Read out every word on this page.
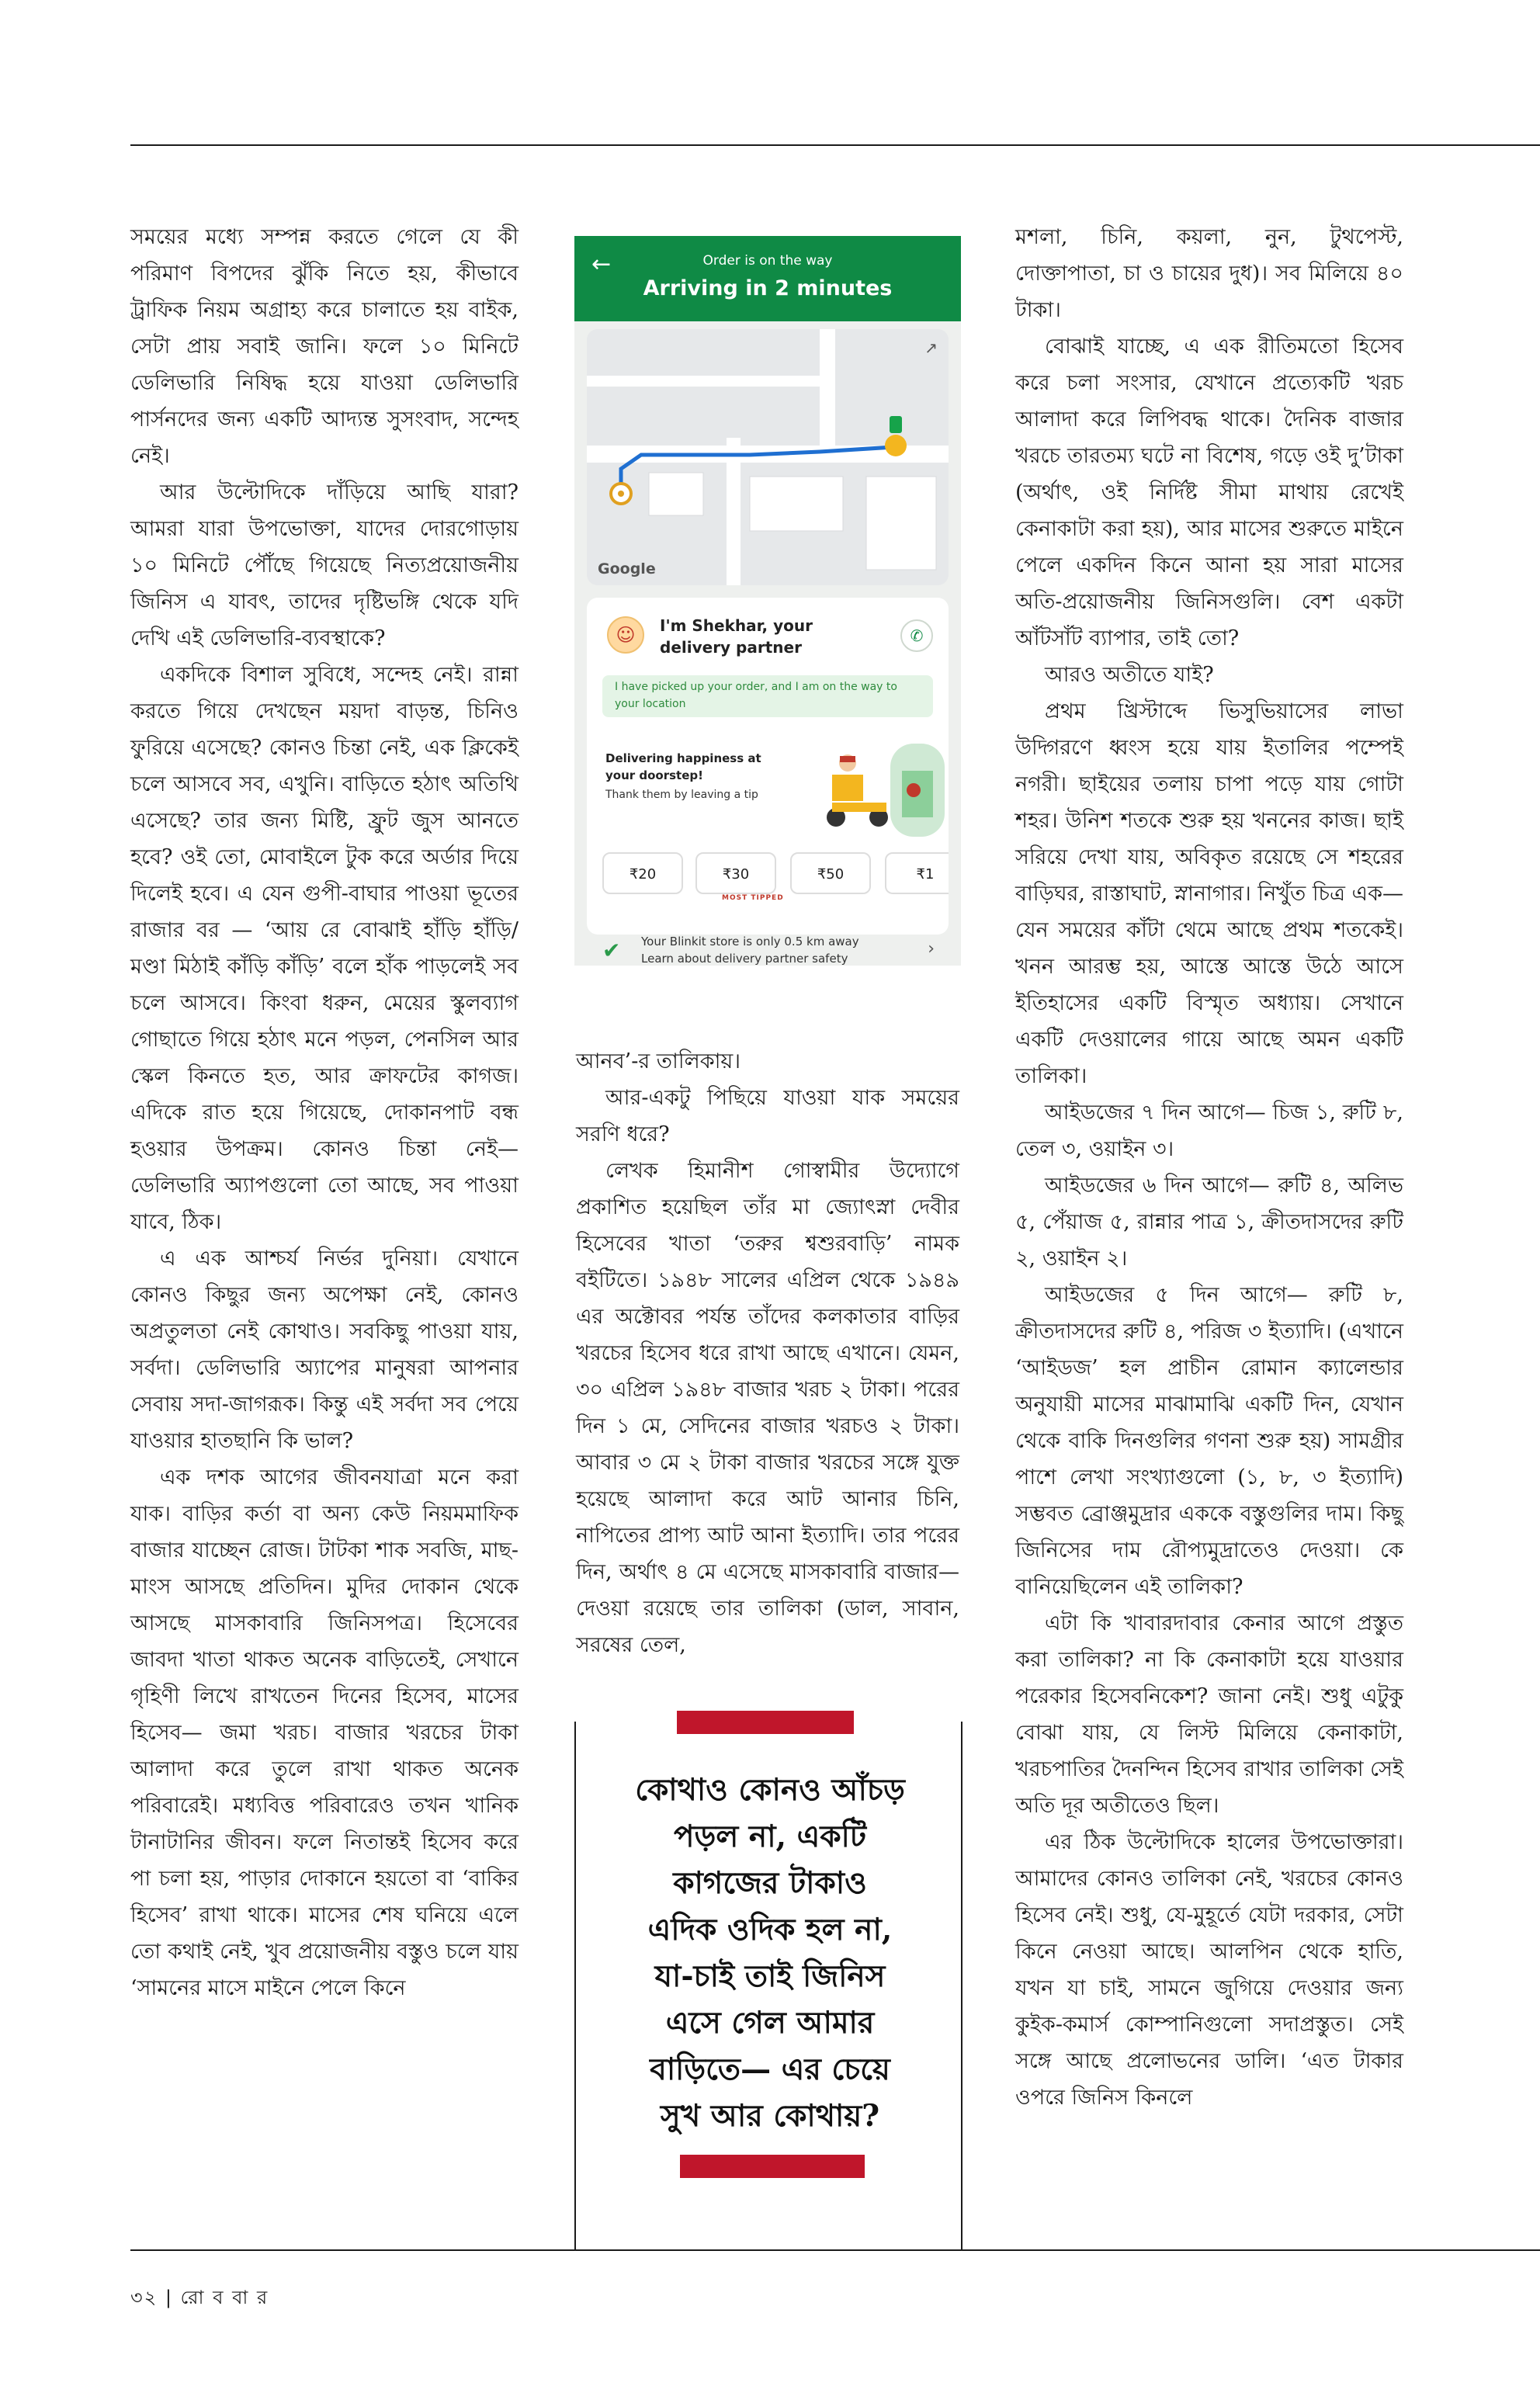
সময়ের মধ্যে সম্পন্ন করতে গেলে যে কী পরিমাণ বিপদের ঝুঁকি নিতে হয়, কীভাবে ট্রাফিক নিয়ম অগ্রাহ্য করে চালাতে হয় বাইক, সেটা প্রায় সবাই জানি। ফলে ১০ মিনিটে ডেলিভারি নিষিদ্ধ হয়ে যাওয়া ডেলিভারি পার্সনদের জন্য একটি আদ্যন্ত সুসংবাদ, সন্দেহ নেই।

আর উল্টোদিকে দাঁড়িয়ে আছি যারা? আমরা যারা উপভোক্তা, যাদের দোরগোড়ায় ১০ মিনিটে পৌঁছে গিয়েছে নিত্যপ্রয়োজনীয় জিনিস এ যাবৎ, তাদের দৃষ্টিভঙ্গি থেকে যদি দেখি এই ডেলিভারি-ব্যবস্থাকে?

একদিকে বিশাল সুবিধে, সন্দেহ নেই। রান্না করতে গিয়ে দেখছেন ময়দা বাড়ন্ত, চিনিও ফুরিয়ে এসেছে? কোনও চিন্তা নেই, এক ক্লিকেই চলে আসবে সব, এখুনি। বাড়িতে হঠাৎ অতিথি এসেছে? তার জন্য মিষ্টি, ফ্রুট জুস আনতে হবে? ওই তো, মোবাইলে টুক করে অর্ডার দিয়ে দিলেই হবে। এ যেন গুপী-বাঘার পাওয়া ভূতের রাজার বর — ‘আয় রে বোঝাই হাঁড়ি হাঁড়ি/ মণ্ডা মিঠাই কাঁড়ি কাঁড়ি’ বলে হাঁক পাড়লেই সব চলে আসবে। কিংবা ধরুন, মেয়ের স্কুলব্যাগ গোছাতে গিয়ে হঠাৎ মনে পড়ল, পেনসিল আর স্কেল কিনতে হত, আর ক্রাফটের কাগজ। এদিকে রাত হয়ে গিয়েছে, দোকানপাট বন্ধ হওয়ার উপক্রম। কোনও চিন্তা নেই— ডেলিভারি অ্যাপগুলো তো আছে, সব পাওয়া যাবে, ঠিক।

এ এক আশ্চর্য নির্ভর দুনিয়া। যেখানে কোনও কিছুর জন্য অপেক্ষা নেই, কোনও অপ্রতুলতা নেই কোথাও। সবকিছু পাওয়া যায়, সর্বদা। ডেলিভারি অ্যাপের মানুষরা আপনার সেবায় সদা-জাগরূক। কিন্তু এই সর্বদা সব পেয়ে যাওয়ার হাতছানি কি ভাল?

এক দশক আগের জীবনযাত্রা মনে করা যাক। বাড়ির কর্তা বা অন্য কেউ নিয়মমাফিক বাজার যাচ্ছেন রোজ। টাটকা শাক সবজি, মাছ-মাংস আসছে প্রতিদিন। মুদির দোকান থেকে আসছে মাসকাবারি জিনিসপত্র। হিসেবের জাবদা খাতা থাকত অনেক বাড়িতেই, সেখানে গৃহিণী লিখে রাখতেন দিনের হিসেব, মাসের হিসেব— জমা খরচ। বাজার খরচের টাকা আলাদা করে তুলে রাখা থাকত অনেক পরিবারেই। মধ্যবিত্ত পরিবারেও তখন খানিক টানাটানির জীবন। ফলে নিতান্তই হিসেব করে পা চলা হয়, পাড়ার দোকানে হয়তো বা ‘বাকির হিসেব’ রাখা থাকে। মাসের শেষ ঘনিয়ে এলে তো কথাই নেই, খুব প্রয়োজনীয় বস্তুও চলে যায় ‘সামনের মাসে মাইনে পেলে কিনে

←	Order is on the way
Arriving in 2 minutes
↗
Google
☺	I'm Shekhar, your delivery partner
✆
I have picked up your order, and I am on the way to your location
Delivering happiness at your doorstep!
Thank them by leaving a tip
₹20	₹30
MOST TIPPED
₹50	₹1
✔ Your Blinkit store is only 0.5 km away
Learn about delivery partner safety	›

আনব’-র তালিকায়।

আর-একটু পিছিয়ে যাওয়া যাক সময়ের সরণি ধরে?

লেখক হিমানীশ গোস্বামীর উদ্যোগে প্রকাশিত হয়েছিল তাঁর মা জ্যোৎস্না দেবীর হিসেবের খাতা ‘তরুর শ্বশুরবাড়ি’ নামক বইটিতে। ১৯৪৮ সালের এপ্রিল থেকে ১৯৪৯ এর অক্টোবর পর্যন্ত তাঁদের কলকাতার বাড়ির খরচের হিসেব ধরে রাখা আছে এখানে। যেমন, ৩০ এপ্রিল ১৯৪৮ বাজার খরচ ২ টাকা। পরের দিন ১ মে, সেদিনের বাজার খরচও ২ টাকা। আবার ৩ মে ২ টাকা বাজার খরচের সঙ্গে যুক্ত হয়েছে আলাদা করে আট আনার চিনি, নাপিতের প্রাপ্য আট আনা ইত্যাদি। তার পরের দিন, অর্থাৎ ৪ মে এসেছে মাসকাবারি বাজার— দেওয়া রয়েছে তার তালিকা (ডাল, সাবান, সরষের তেল,

কোথাও কোনও আঁচড়
পড়ল না, একটি
কাগজের টাকাও
এদিক ওদিক হল না,
যা-চাই তাই জিনিস
এসে গেল আমার
বাড়িতে— এর চেয়ে
সুখ আর কোথায়?

মশলা, চিনি, কয়লা, নুন, টুথপেস্ট, দোক্তাপাতা, চা ও চায়ের দুধ)। সব মিলিয়ে ৪০ টাকা।

বোঝাই যাচ্ছে, এ এক রীতিমতো হিসেব করে চলা সংসার, যেখানে প্রত্যেকটি খরচ আলাদা করে লিপিবদ্ধ থাকে। দৈনিক বাজার খরচে তারতম্য ঘটে না বিশেষ, গড়ে ওই দু’টাকা (অর্থাৎ, ওই নির্দিষ্ট সীমা মাথায় রেখেই কেনাকাটা করা হয়), আর মাসের শুরুতে মাইনে পেলে একদিন কিনে আনা হয় সারা মাসের অতি-প্রয়োজনীয় জিনিসগুলি। বেশ একটা আঁটসাঁট ব্যাপার, তাই তো?

আরও অতীতে যাই?

প্রথম খ্রিস্টাব্দে ভিসুভিয়াসের লাভা উদ্গিরণে ধ্বংস হয়ে যায় ইতালির পম্পেই নগরী। ছাইয়ের তলায় চাপা পড়ে যায় গোটা শহর। উনিশ শতকে শুরু হয় খননের কাজ। ছাই সরিয়ে দেখা যায়, অবিকৃত রয়েছে সে শহরের বাড়িঘর, রাস্তাঘাট, স্নানাগার। নিখুঁত চিত্র এক— যেন সময়ের কাঁটা থেমে আছে প্রথম শতকেই। খনন আরম্ভ হয়, আস্তে আস্তে উঠে আসে ইতিহাসের একটি বিস্মৃত অধ্যায়। সেখানে একটি দেওয়ালের গায়ে আছে অমন একটি তালিকা।

আইডজের ৭ দিন আগে— চিজ ১, রুটি ৮, তেল ৩, ওয়াইন ৩।

আইডজের ৬ দিন আগে— রুটি ৪, অলিভ ৫, পেঁয়াজ ৫, রান্নার পাত্র ১, ক্রীতদাসদের রুটি ২, ওয়াইন ২।

আইডজের ৫ দিন আগে— রুটি ৮, ক্রীতদাসদের রুটি ৪, পরিজ ৩ ইত্যাদি। (এখানে ‘আইডজ’ হল প্রাচীন রোমান ক্যালেন্ডার অনুযায়ী মাসের মাঝামাঝি একটি দিন, যেখান থেকে বাকি দিনগুলির গণনা শুরু হয়) সামগ্রীর পাশে লেখা সংখ্যাগুলো (১, ৮, ৩ ইত্যাদি) সম্ভবত ব্রোঞ্জমুদ্রার এককে বস্তুগুলির দাম। কিছু জিনিসের দাম রৌপ্যমুদ্রাতেও দেওয়া। কে বানিয়েছিলেন এই তালিকা?

এটা কি খাবারদাবার কেনার আগে প্রস্তুত করা তালিকা? না কি কেনাকাটা হয়ে যাওয়ার পরেকার হিসেবনিকেশ? জানা নেই। শুধু এটুকু বোঝা যায়, যে লিস্ট মিলিয়ে কেনাকাটা, খরচপাতির দৈনন্দিন হিসেব রাখার তালিকা সেই অতি দূর অতীতেও ছিল।

এর ঠিক উল্টোদিকে হালের উপভোক্তারা। আমাদের কোনও তালিকা নেই, খরচের কোনও হিসেব নেই। শুধু, যে-মুহূর্তে যেটা দরকার, সেটা কিনে নেওয়া আছে। আলপিন থেকে হাতি, যখন যা চাই, সামনে জুগিয়ে দেওয়ার জন্য কুইক-কমার্স কোম্পানিগুলো সদাপ্রস্তুত। সেই সঙ্গে আছে প্রলোভনের ডালি। ‘এত টাকার ওপরে জিনিস কিনলে

৩২ | রো ব বা র
